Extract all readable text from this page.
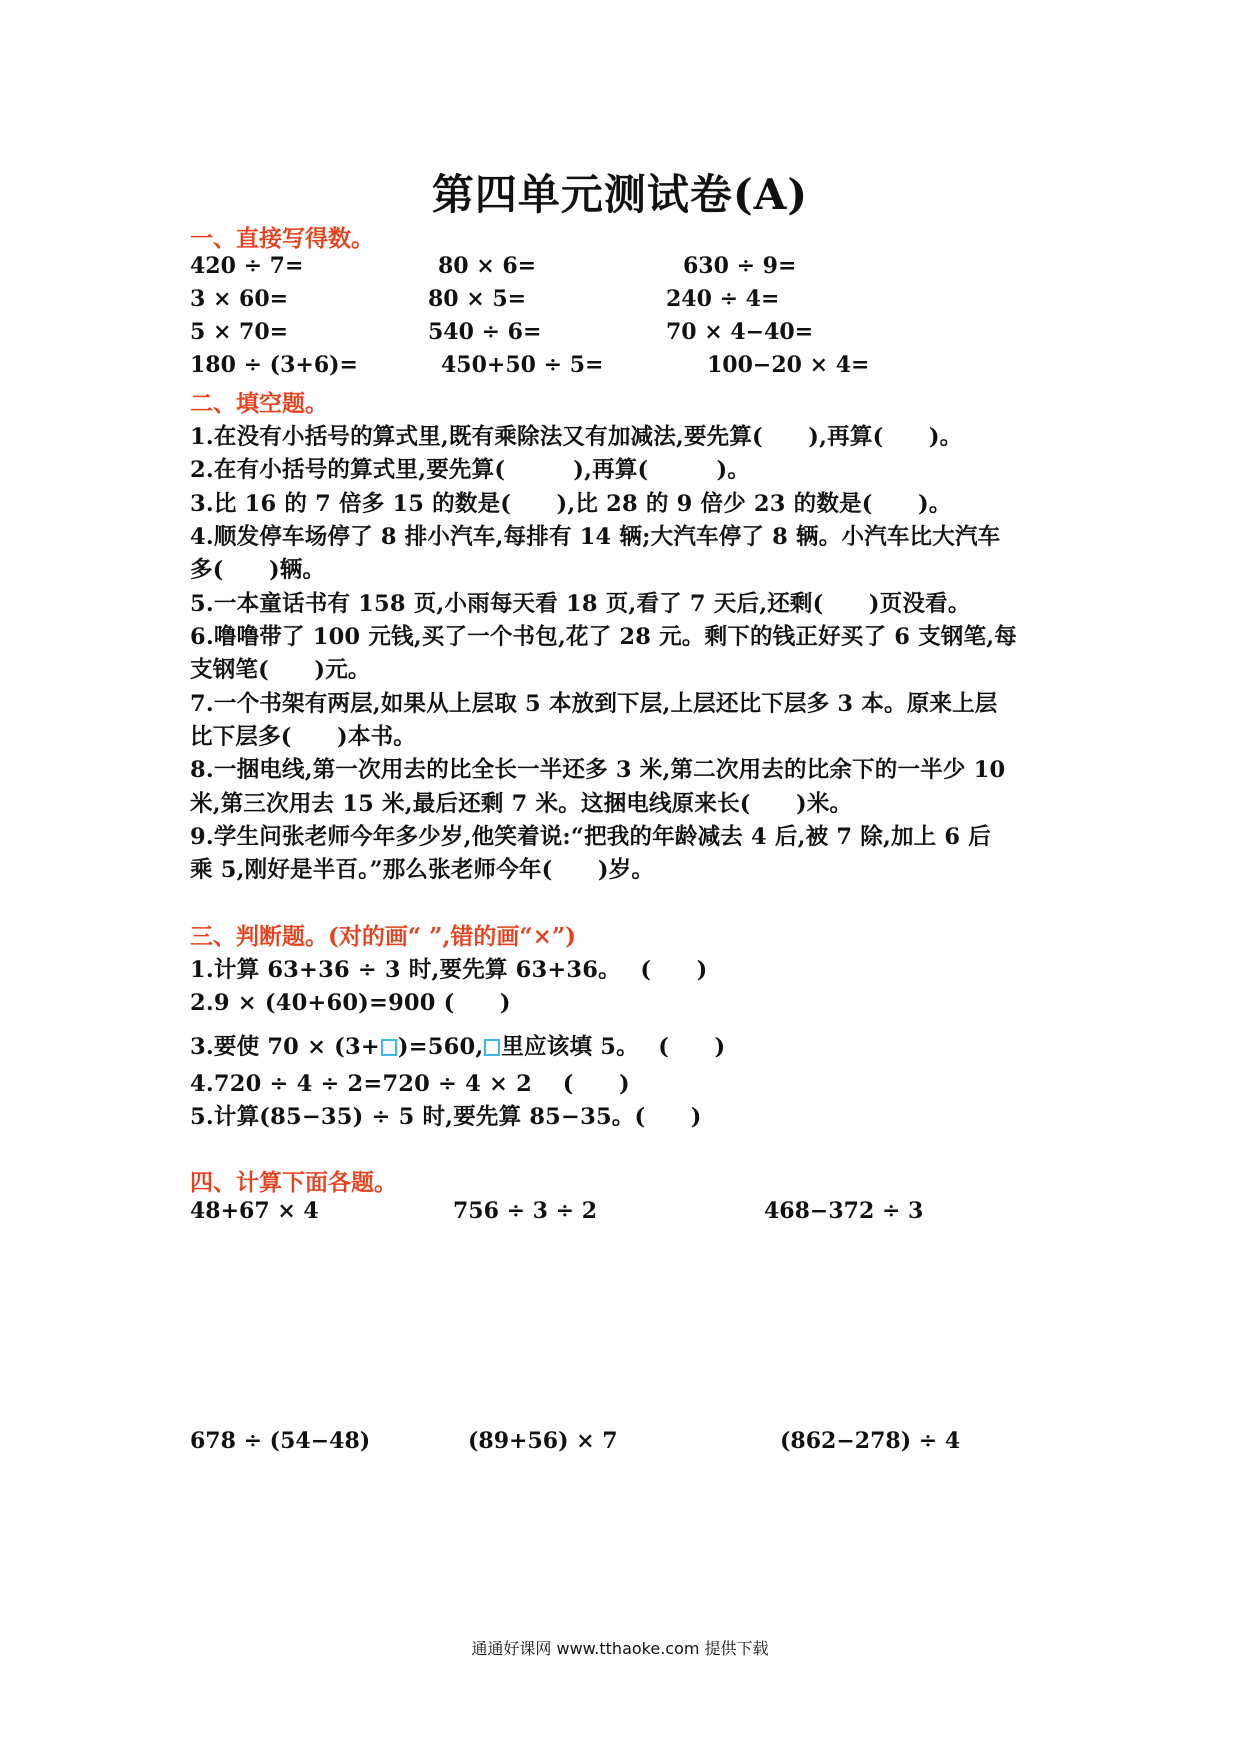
第四单元测试卷(A)
一、直接写得数。
420 ÷ 7=	80 × 6=	630 ÷ 9=
3 × 60=	80 × 5=	240 ÷ 4=
5 × 70=	540 ÷ 6=	70 × 4−40=
180 ÷ (3+6)=	450+50 ÷ 5=	100−20 × 4=
二、填空题。
1.在没有小括号的算式里,既有乘除法又有加减法,要先算(　　),再算(　　)。
2.在有小括号的算式里,要先算(　　　),再算(　　　)。
3.比 16 的 7 倍多 15 的数是(　　),比 28 的 9 倍少 23 的数是(　　)。
4.顺发停车场停了 8 排小汽车,每排有 14 辆;大汽车停了 8 辆。小汽车比大汽车
多(　　)辆。
5.一本童话书有 158 页,小雨每天看 18 页,看了 7 天后,还剩(　　)页没看。
6.噜噜带了 100 元钱,买了一个书包,花了 28 元。剩下的钱正好买了 6 支钢笔,每
支钢笔(　　)元。
7.一个书架有两层,如果从上层取 5 本放到下层,上层还比下层多 3 本。原来上层
比下层多(　　)本书。
8.一捆电线,第一次用去的比全长一半还多 3 米,第二次用去的比余下的一半少 10
米,第三次用去 15 米,最后还剩 7 米。这捆电线原来长(　　)米。
9.学生问张老师今年多少岁,他笑着说:“把我的年龄减去 4 后,被 7 除,加上 6 后
乘 5,刚好是半百。”那么张老师今年(　　)岁。
三、判断题。(对的画“ ”,错的画“×”)
1.计算 63+36 ÷ 3 时,要先算 63+36。　 (　　)
2.9 × (40+60)=900 (　　)
3.要使 70 × (3+ )=560, 里应该填 5。　 (　　)
4.720 ÷ 4 ÷ 2=720 ÷ 4 × 2　 (　　)
5.计算(85−35) ÷ 5 时,要先算 85−35。(　　)
四、计算下面各题。
48+67 × 4	756 ÷ 3 ÷ 2	468−372 ÷ 3
678 ÷ (54−48)	(89+56) × 7	(862−278) ÷ 4
通通好课网 www.tthaoke.com 提供下载
